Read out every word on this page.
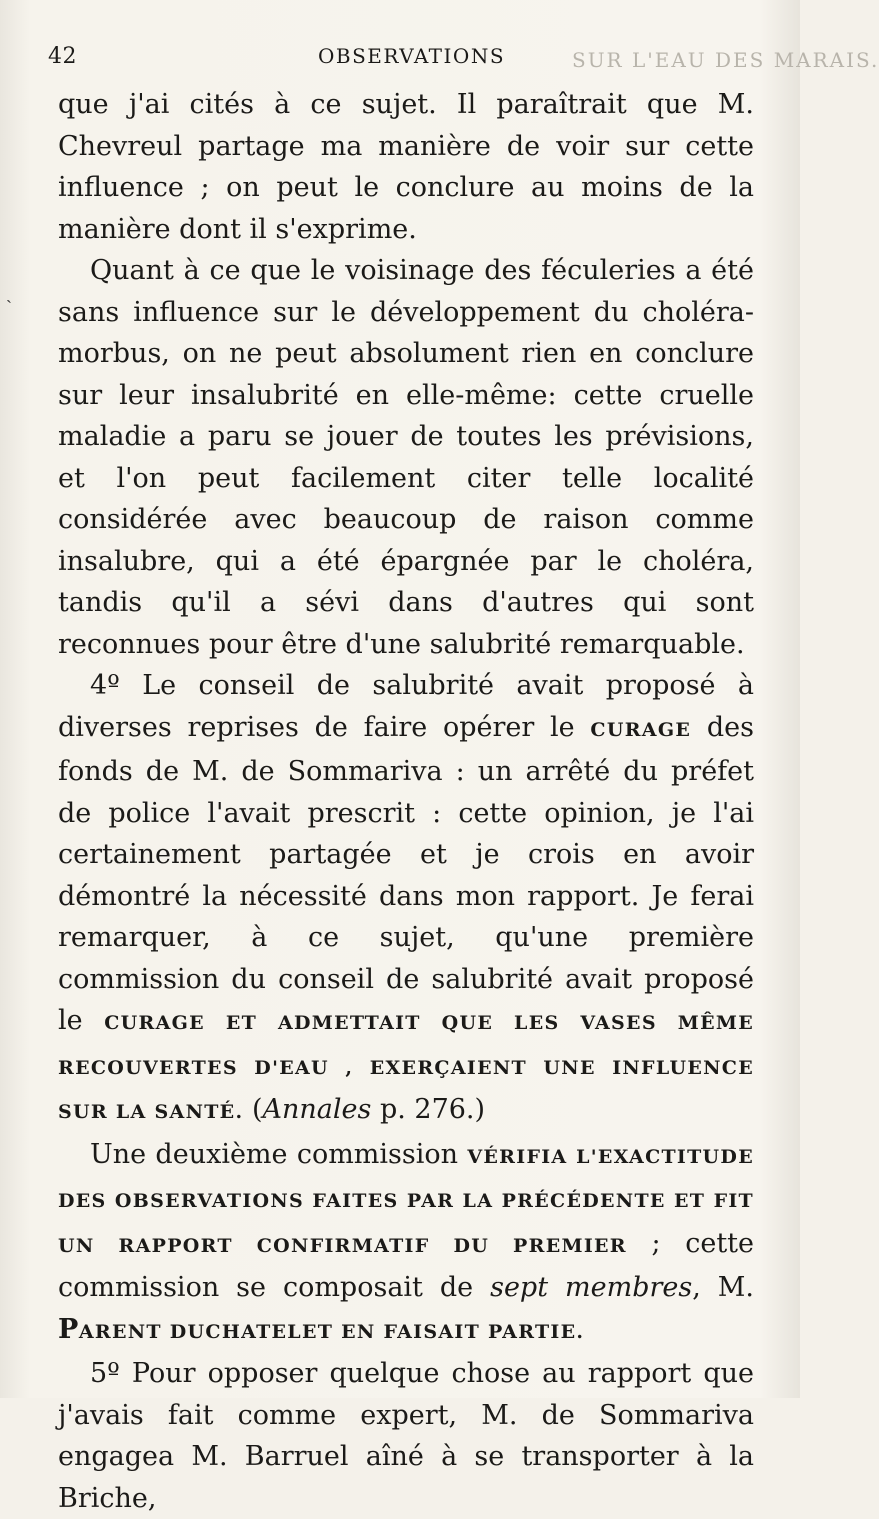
SUR L'EAU DES MARAIS.
ˏ
42	OBSERVATIONS

que j'ai cités à ce sujet. Il paraîtrait que M. Chevreul partage ma manière de voir sur cette influence ; on peut le conclure au moins de la manière dont il s'exprime.

Quant à ce que le voisinage des féculeries a été sans influence sur le développement du choléra-morbus, on ne peut absolument rien en conclure sur leur insalubrité en elle-même: cette cruelle maladie a paru se jouer de toutes les prévisions, et l'on peut facilement citer telle localité considérée avec beaucoup de raison comme insalubre, qui a été épargnée par le choléra, tandis qu'il a sévi dans d'autres qui sont reconnues pour être d'une salubrité remarquable.

4º Le conseil de salubrité avait proposé à diverses reprises de faire opérer le CURAGE des fonds de M. de Sommariva : un arrêté du préfet de police l'avait prescrit : cette opinion, je l'ai certainement partagée et je crois en avoir démontré la nécessité dans mon rapport. Je ferai remarquer, à ce sujet, qu'une première commission du conseil de salubrité avait proposé le CURAGE ET ADMETTAIT QUE LES VASES MÊME RECOUVERTES D'EAU , EXERÇAIENT UNE INFLUENCE SUR LA SANTÉ. (Annales p. 276.)

Une deuxième commission VÉRIFIA L'EXACTITUDE DES OBSERVATIONS FAITES PAR LA PRÉCÉDENTE ET FIT UN RAPPORT CONFIRMATIF DU PREMIER ; cette commission se composait de sept membres, M. PARENT DUCHATELET EN FAISAIT PARTIE.

5º Pour opposer quelque chose au rapport que j'avais fait comme expert, M. de Sommariva engagea M. Barruel aîné à se transporter à la Briche,
